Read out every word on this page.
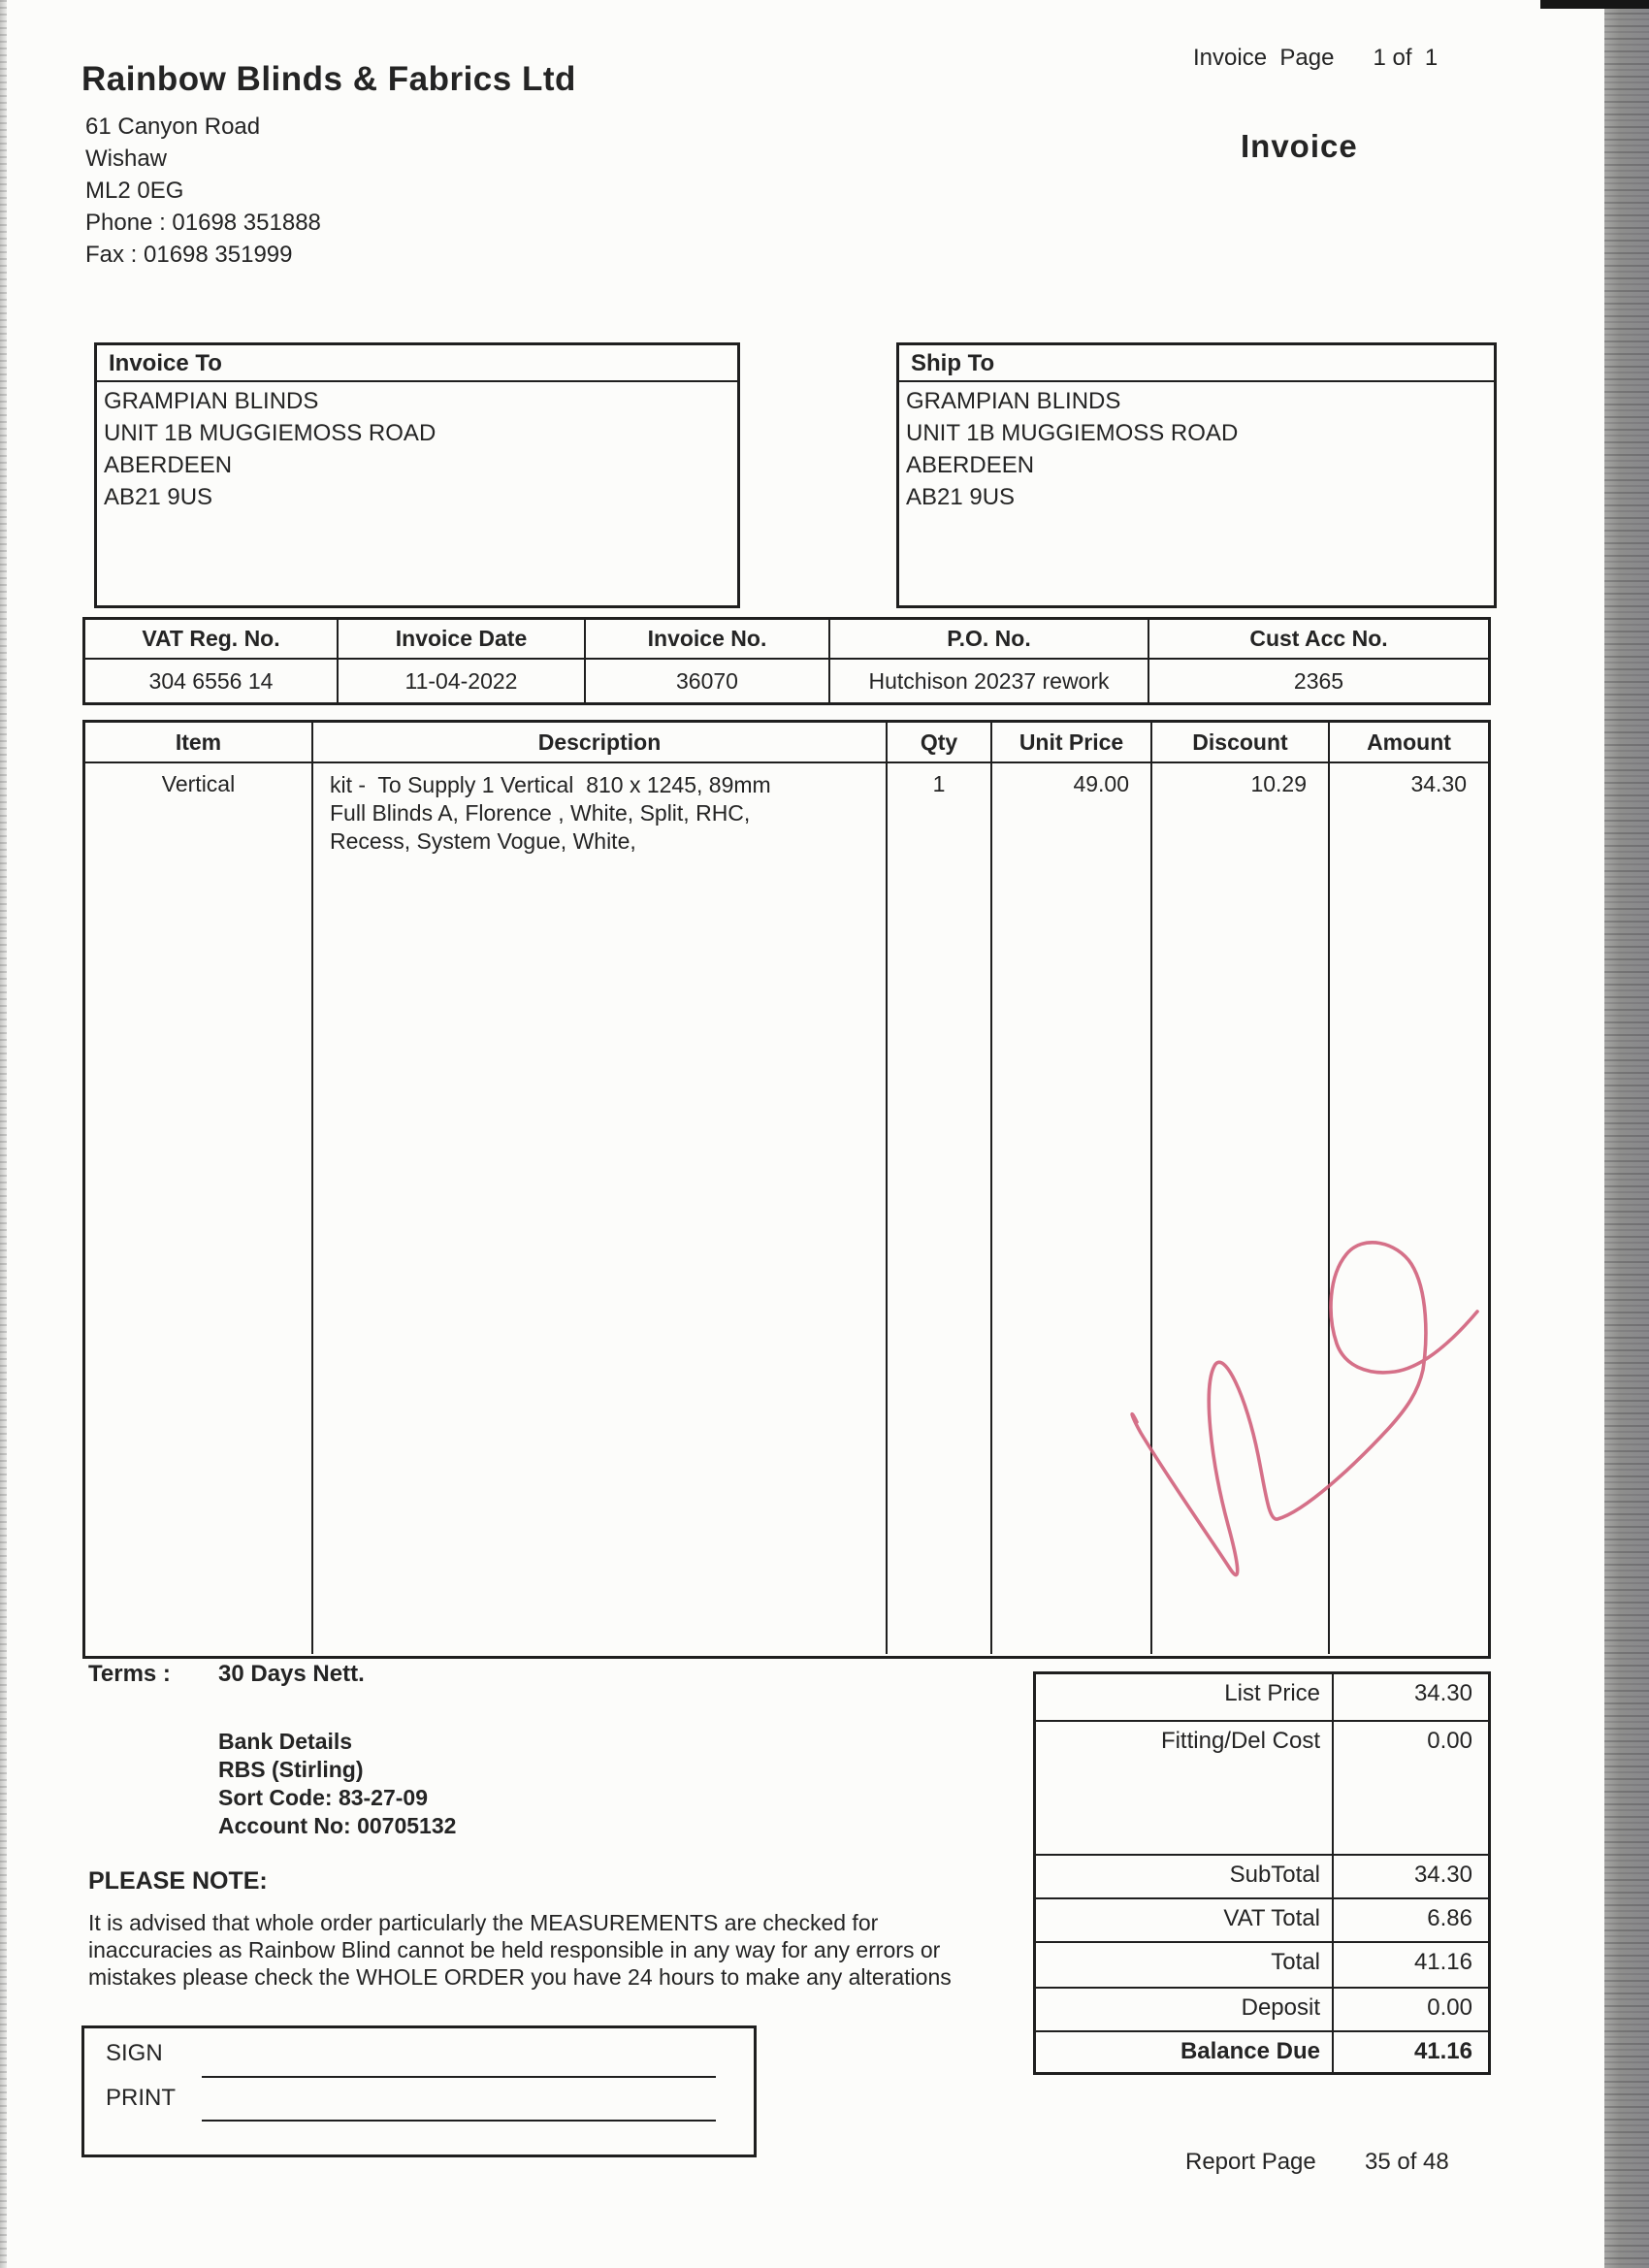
Rainbow Blinds & Fabrics Ltd
61 Canyon Road
Wishaw
ML2 0EG
Phone : 01698 351888
Fax : 01698 351999
Invoice  Page 1 of  1
Invoice
Invoice To
GRAMPIAN BLINDS
UNIT 1B MUGGIEMOSS ROAD
ABERDEEN
AB21 9US
Ship To
GRAMPIAN BLINDS
UNIT 1B MUGGIEMOSS ROAD
ABERDEEN
AB21 9US
VAT Reg. No.	Invoice Date	Invoice No.	P.O. No.	Cust Acc No.
304 6556 14	11-04-2022	36070	Hutchison 20237 rework	2365
Item	Description	Qty	Unit Price	Discount	Amount
Vertical	kit -  To Supply 1 Vertical  810 x 1245, 89mm
Full Blinds A, Florence , White, Split, RHC,
Recess, System Vogue, White,
1	49.00	10.29	34.30
Terms : 30 Days Nett.
Bank Details
RBS (Stirling)
Sort Code: 83-27-09
Account No: 00705132
PLEASE NOTE:
It is advised that whole order particularly the MEASUREMENTS are checked for inaccuracies as Rainbow Blind cannot be held responsible in any way for any errors or mistakes please check the WHOLE ORDER you have 24 hours to make any alterations
List Price	34.30
Fitting/Del Cost	0.00
SubTotal	34.30
VAT Total	6.86
Total	41.16
Deposit	0.00
Balance Due	41.16
SIGN
PRINT
Report Page 35 of 48
